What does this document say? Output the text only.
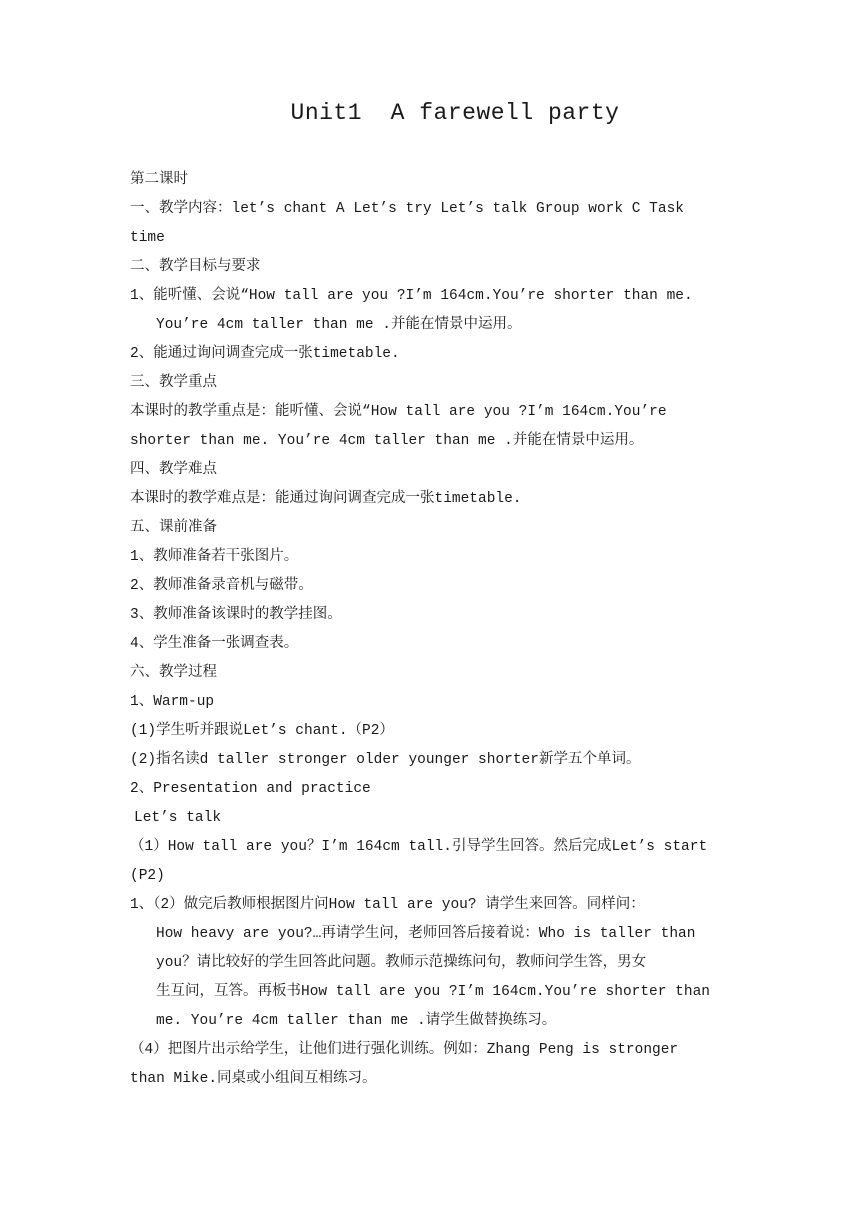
Unit1  A farewell party
第二课时
一、教学内容：let’s chant A Let’s try Let’s talk Group work C Task
time
二、教学目标与要求
1、能听懂、会说“How tall are you ?I’m 164cm.You’re shorter than me.
You’re 4cm taller than me .并能在情景中运用。
2、能通过询问调查完成一张timetable.
三、教学重点
本课时的教学重点是：能听懂、会说“How tall are you ?I’m 164cm.You’re
shorter than me. You’re 4cm taller than me .并能在情景中运用。
四、教学难点
本课时的教学难点是：能通过询问调查完成一张timetable.
五、课前准备
1、教师准备若干张图片。
2、教师准备录音机与磁带。
3、教师准备该课时的教学挂图。
4、学生准备一张调查表。
六、教学过程
1、Warm-up
(1)学生听并跟说Let’s chant.（P2）
(2)指名读d taller stronger older younger shorter新学五个单词。
2、Presentation and practice
Let’s talk
（1）How tall are you？I’m 164cm tall.引导学生回答。然后完成Let’s start
(P2)
1、（2）做完后教师根据图片问How tall are you? 请学生来回答。同样问：
How heavy are you?…再请学生问，老师回答后接着说：Who is taller than
you？请比较好的学生回答此问题。教师示范操练问句，教师问学生答，男女
生互问，互答。再板书How tall are you ?I’m 164cm.You’re shorter than
me. You’re 4cm taller than me .请学生做替换练习。
（4）把图片出示给学生，让他们进行强化训练。例如：Zhang Peng is stronger
than Mike.同桌或小组间互相练习。
